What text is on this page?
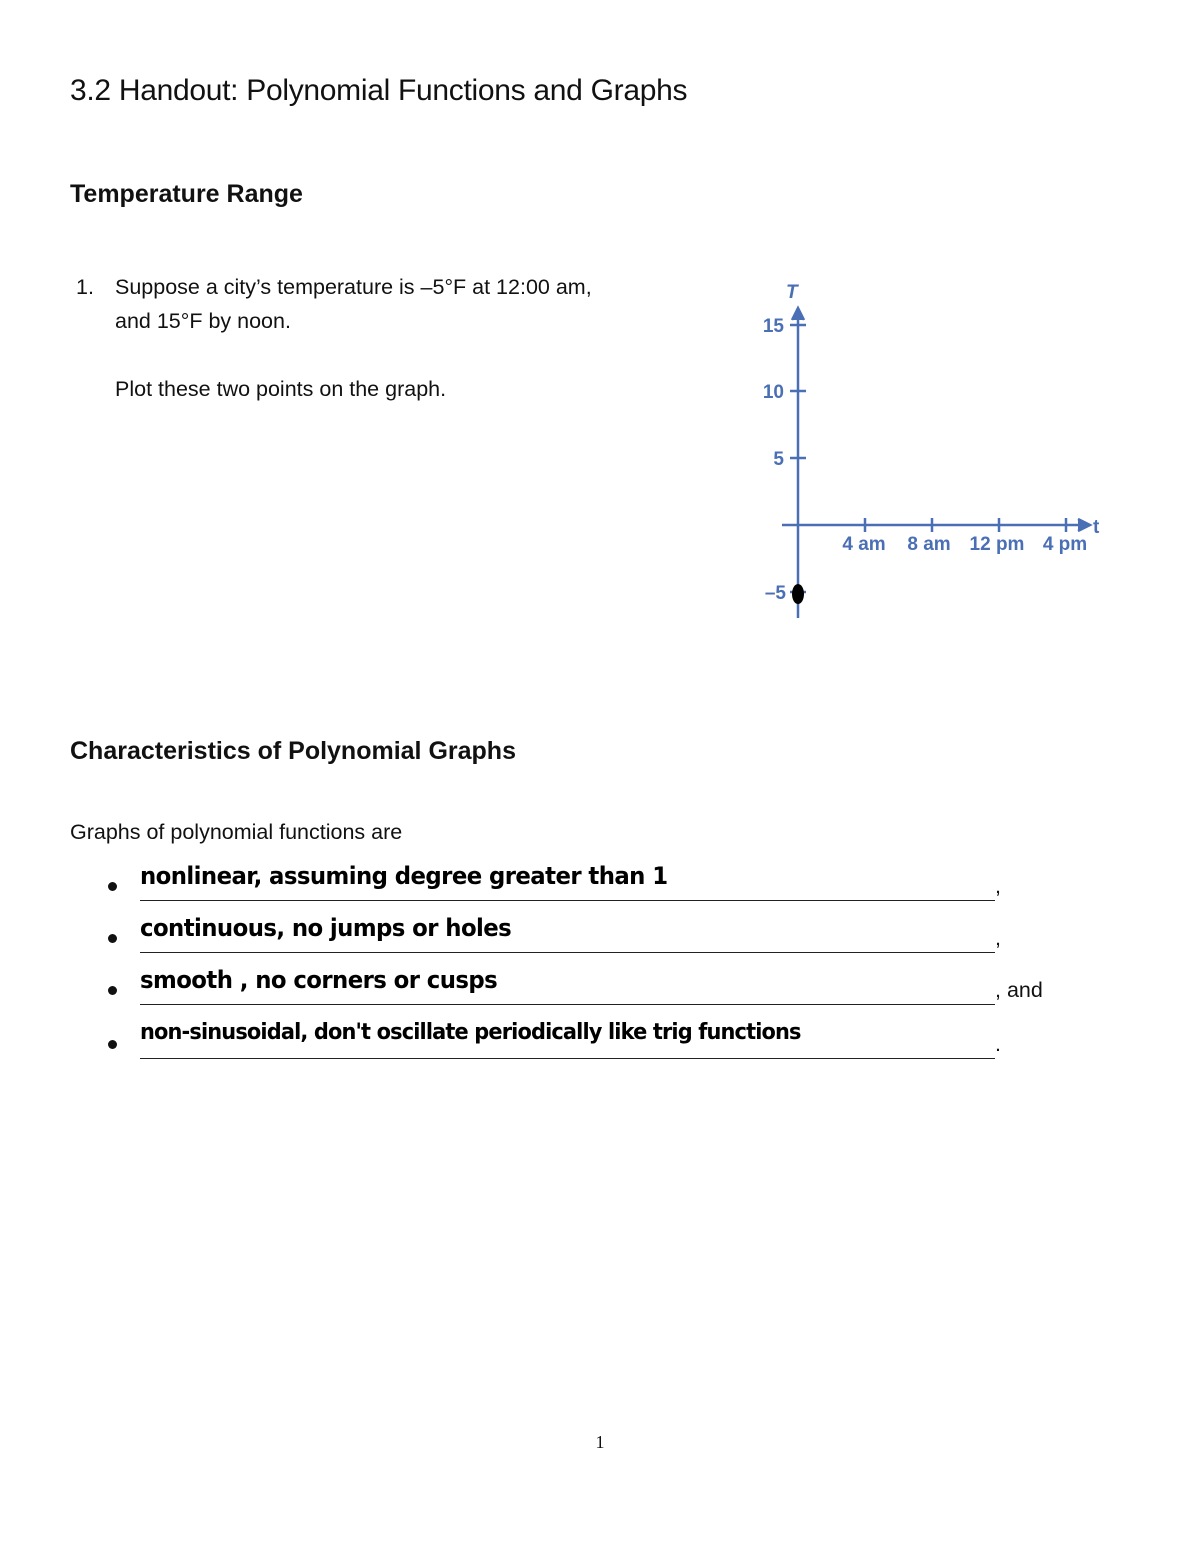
3.2 Handout: Polynomial Functions and Graphs
Temperature Range
1. Suppose a city’s temperature is –5°F at 12:00 am,
and 15°F by noon.
Plot these two points on the graph.
T
t
15
10
5
–5
4 am 8 am 12 pm 4 pm
Characteristics of Polynomial Graphs
Graphs of polynomial functions are
nonlinear, assuming degree greater than 1	,
continuous, no jumps or holes	,
smooth , no corners or cusps	, and
non-sinusoidal, don't oscillate periodically like trig functions	.
1
